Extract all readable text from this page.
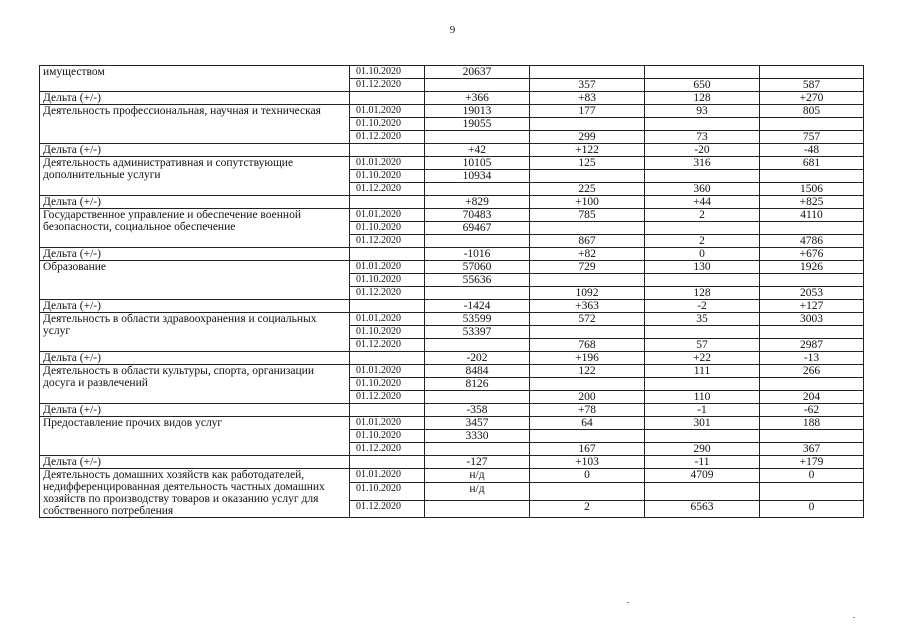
9
имуществом	01.10.2020	20637			
	01.12.2020		357	650	587
Дельта (+/-)		+366	+83	128	+270
Деятельность профессиональная, научная и техническая	01.01.2020	19013	177	93	805
	01.10.2020	19055			
	01.12.2020		299	73	757
Дельта (+/-)		+42	+122	-20	-48
Деятельность административная и сопутствующие дополнительные услуги	01.01.2020	10105	125	316	681
	01.10.2020	10934			
	01.12.2020		225	360	1506
Дельта (+/-)		+829	+100	+44	+825
Государственное управление и обеспечение военной безопасности, социальное обеспечение	01.01.2020	70483	785	2	4110
	01.10.2020	69467			
	01.12.2020		867	2	4786
Дельта (+/-)		-1016	+82	0	+676
Образование	01.01.2020	57060	729	130	1926
	01.10.2020	55636			
	01.12.2020		1092	128	2053
Дельта (+/-)		-1424	+363	-2	+127
Деятельность в области здравоохранения и социальных услуг	01.01.2020	53599	572	35	3003
	01.10.2020	53397			
	01.12.2020		768	57	2987
Дельта (+/-)		-202	+196	+22	-13
Деятельность в области культуры, спорта, организации досуга и развлечений	01.01.2020	8484	122	111	266
	01.10.2020	8126			
	01.12.2020		200	110	204
Дельта (+/-)		-358	+78	-1	-62
Предоставление прочих видов услуг	01.01.2020	3457	64	301	188
	01.10.2020	3330			
	01.12.2020		167	290	367
Дельта (+/-)		-127	+103	-11	+179
Деятельность домашних хозяйств как работодателей, недифференцированная деятельность частных домашних хозяйств по производству товаров и оказанию услуг для собственного потребления	01.01.2020	н/д	0	4709	0
	01.10.2020	н/д			
	01.12.2020		2	6563	0
